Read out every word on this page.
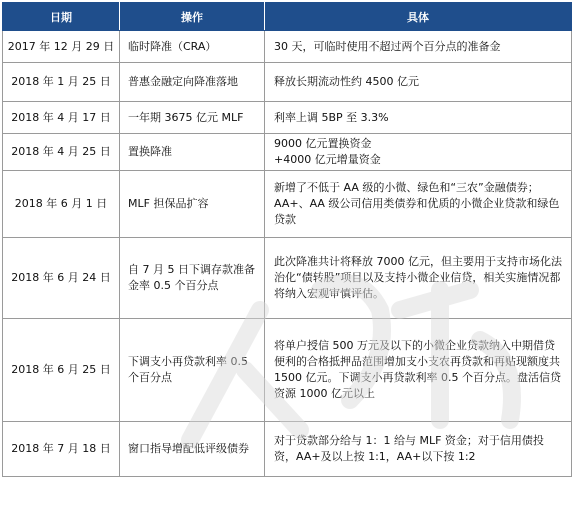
日期	操作	具体
2017 年 12 月 29 日	临时降准（CRA）	30 天，可临时使用不超过两个百分点的准备金
2018 年 1 月 25 日	普惠金融定向降准落地	释放长期流动性约 4500 亿元
2018 年 4 月 17 日	一年期 3675 亿元 MLF	利率上调 5BP 至 3.3%
2018 年 4 月 25 日	置换降准	9000 亿元置换资金
+4000 亿元增量资金

2018 年 6 月 1 日	MLF 担保品扩容	新增了不低于 AA 级的小微、绿色和“三农”金融债券；AA+、AA 级公司信用类债券和优质的小微企业贷款和绿色贷款
2018 年 6 月 24 日	自 7 月 5 日下调存款准备金率 0.5 个百分点	此次降准共计将释放 7000 亿元，但主要用于支持市场化法治化“债转股”项目以及支持小微企业信贷，相关实施情况都将纳入宏观审慎评估。
2018 年 6 月 25 日	下调支小再贷款利率 0.5 个百分点	将单户授信 500 万元及以下的小微企业贷款纳入中期借贷便利的合格抵押品范围增加支小支农再贷款和再贴现额度共 1500 亿元。下调支小再贷款利率 0.5 个百分点。盘活信贷资源 1000 亿元以上
2018 年 7 月 18 日	窗口指导增配低评级债券	对于贷款部分给与 1：1 给与 MLF 资金；对于信用债投资，AA+及以上按 1:1，AA+以下按 1:2
